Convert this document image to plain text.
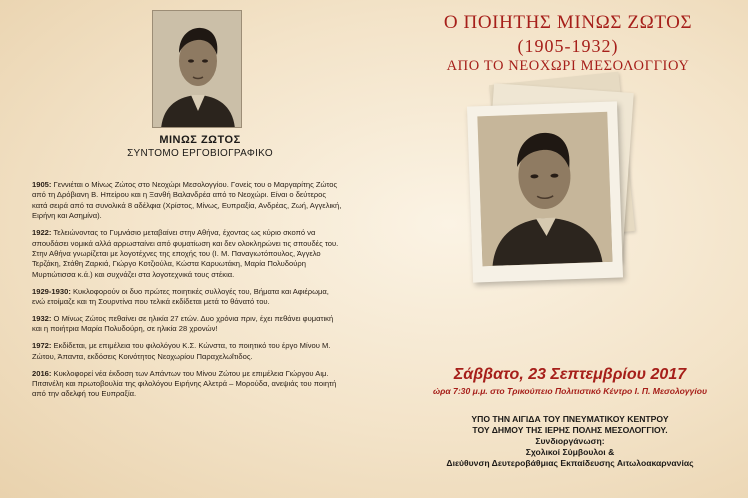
ΜΙΝΩΣ ΖΩΤΟΣ
ΣΥΝΤΟΜΟ ΕΡΓΟΒΙΟΓΡΑΦΙΚΟ

1905: Γεννιέται ο Μίνως Ζώτος στο Νεοχώρι Μεσολογγίου. Γονείς του ο Μαργαρίτης Ζώτος από τη Δρόβιανη Β. Ηπείρου και η Ξανθή Βαλανδρέα από το Νεοχώρι. Είναι ο δεύτερος κατά σειρά από τα συνολικά 8 αδέλφια (Χρίστος, Μίνως, Ευπραξία, Ανδρέας, Ζωή, Αγγελική, Ειρήνη και Ασημίνα).

1922: Τελειώνοντας το Γυμνάσιο μεταβαίνει στην Αθήνα, έχοντας ως κύριο σκοπό να σπουδάσει νομικά αλλά αρρωσταίνει από φυματίωση και δεν ολοκληρώνει τις σπουδές του. Στην Αθήνα γνωρίζεται με λογοτέχνες της εποχής του (Ι. Μ. Παναγιωτόπουλος, Άγγελο Τερζάκη, Στάθη Ζαρκιά, Γιώργο Κοτζιούλα, Κώστα Καρυωτάκη, Μαρία Πολυδούρη Μυρτιώτισσα κ.ά.) και συχνάζει στα λογοτεχνικά τους στέκια.

1929-1930: Κυκλοφορούν οι δυο πρώτες ποιητικές συλλογές του, Βήματα και Αφιέρωμα, ενώ ετοίμαζε και τη Σουρντίνα που τελικά εκδίδεται μετά το θάνατό του.

1932: Ο Μίνως Ζώτος πεθαίνει σε ηλικία 27 ετών. Δυο χρόνια πριν, έχει πεθάνει φυματική και η ποιήτρια Μαρία Πολυδούρη, σε ηλικία 28 χρονών!

1972: Εκδίδεται, με επιμέλεια του φιλολόγου Κ.Σ. Κώνστα, το ποιητικό του έργο Μίνου Μ. Ζώτου, Άπαντα, εκδόσεις Κοινότητος Νεοχωρίου Παραχελωΐτιδος.

2016: Κυκλοφορεί νέα έκδοση των Απάντων του Μίνου Ζώτου με επιμέλεια Γιώργου Αιμ. Πιτσινέλη και πρωτοβουλία της φιλολόγου Ειρήνης Αλετρά – Μορούδα, ανεψιάς του ποιητή από την αδελφή του Ευπραξία.

Ο ΠΟΙΗΤΗΣ ΜΙΝΩΣ ΖΩΤΟΣ
(1905-1932)
ΑΠΟ ΤΟ ΝΕΟΧΩΡΙ ΜΕΣΟΛΟΓΓΙΟΥ
Σάββατο, 23 Σεπτεμβρίου 2017
ώρα 7:30 μ.μ. στο Τρικούπειο Πολιτιστικό Κέντρο Ι. Π. Μεσολογγίου
ΥΠΟ ΤΗΝ ΑΙΓΙΔΑ ΤΟΥ ΠΝΕΥΜΑΤΙΚΟΥ ΚΕΝΤΡΟΥ
ΤΟΥ ΔΗΜΟΥ ΤΗΣ ΙΕΡΗΣ ΠΟΛΗΣ ΜΕΣΟΛΟΓΓΙΟΥ.
Συνδιοργάνωση:
Σχολικοί Σύμβουλοι &
Διεύθυνση Δευτεροβάθμιας Εκπαίδευσης Αιτωλοακαρνανίας
